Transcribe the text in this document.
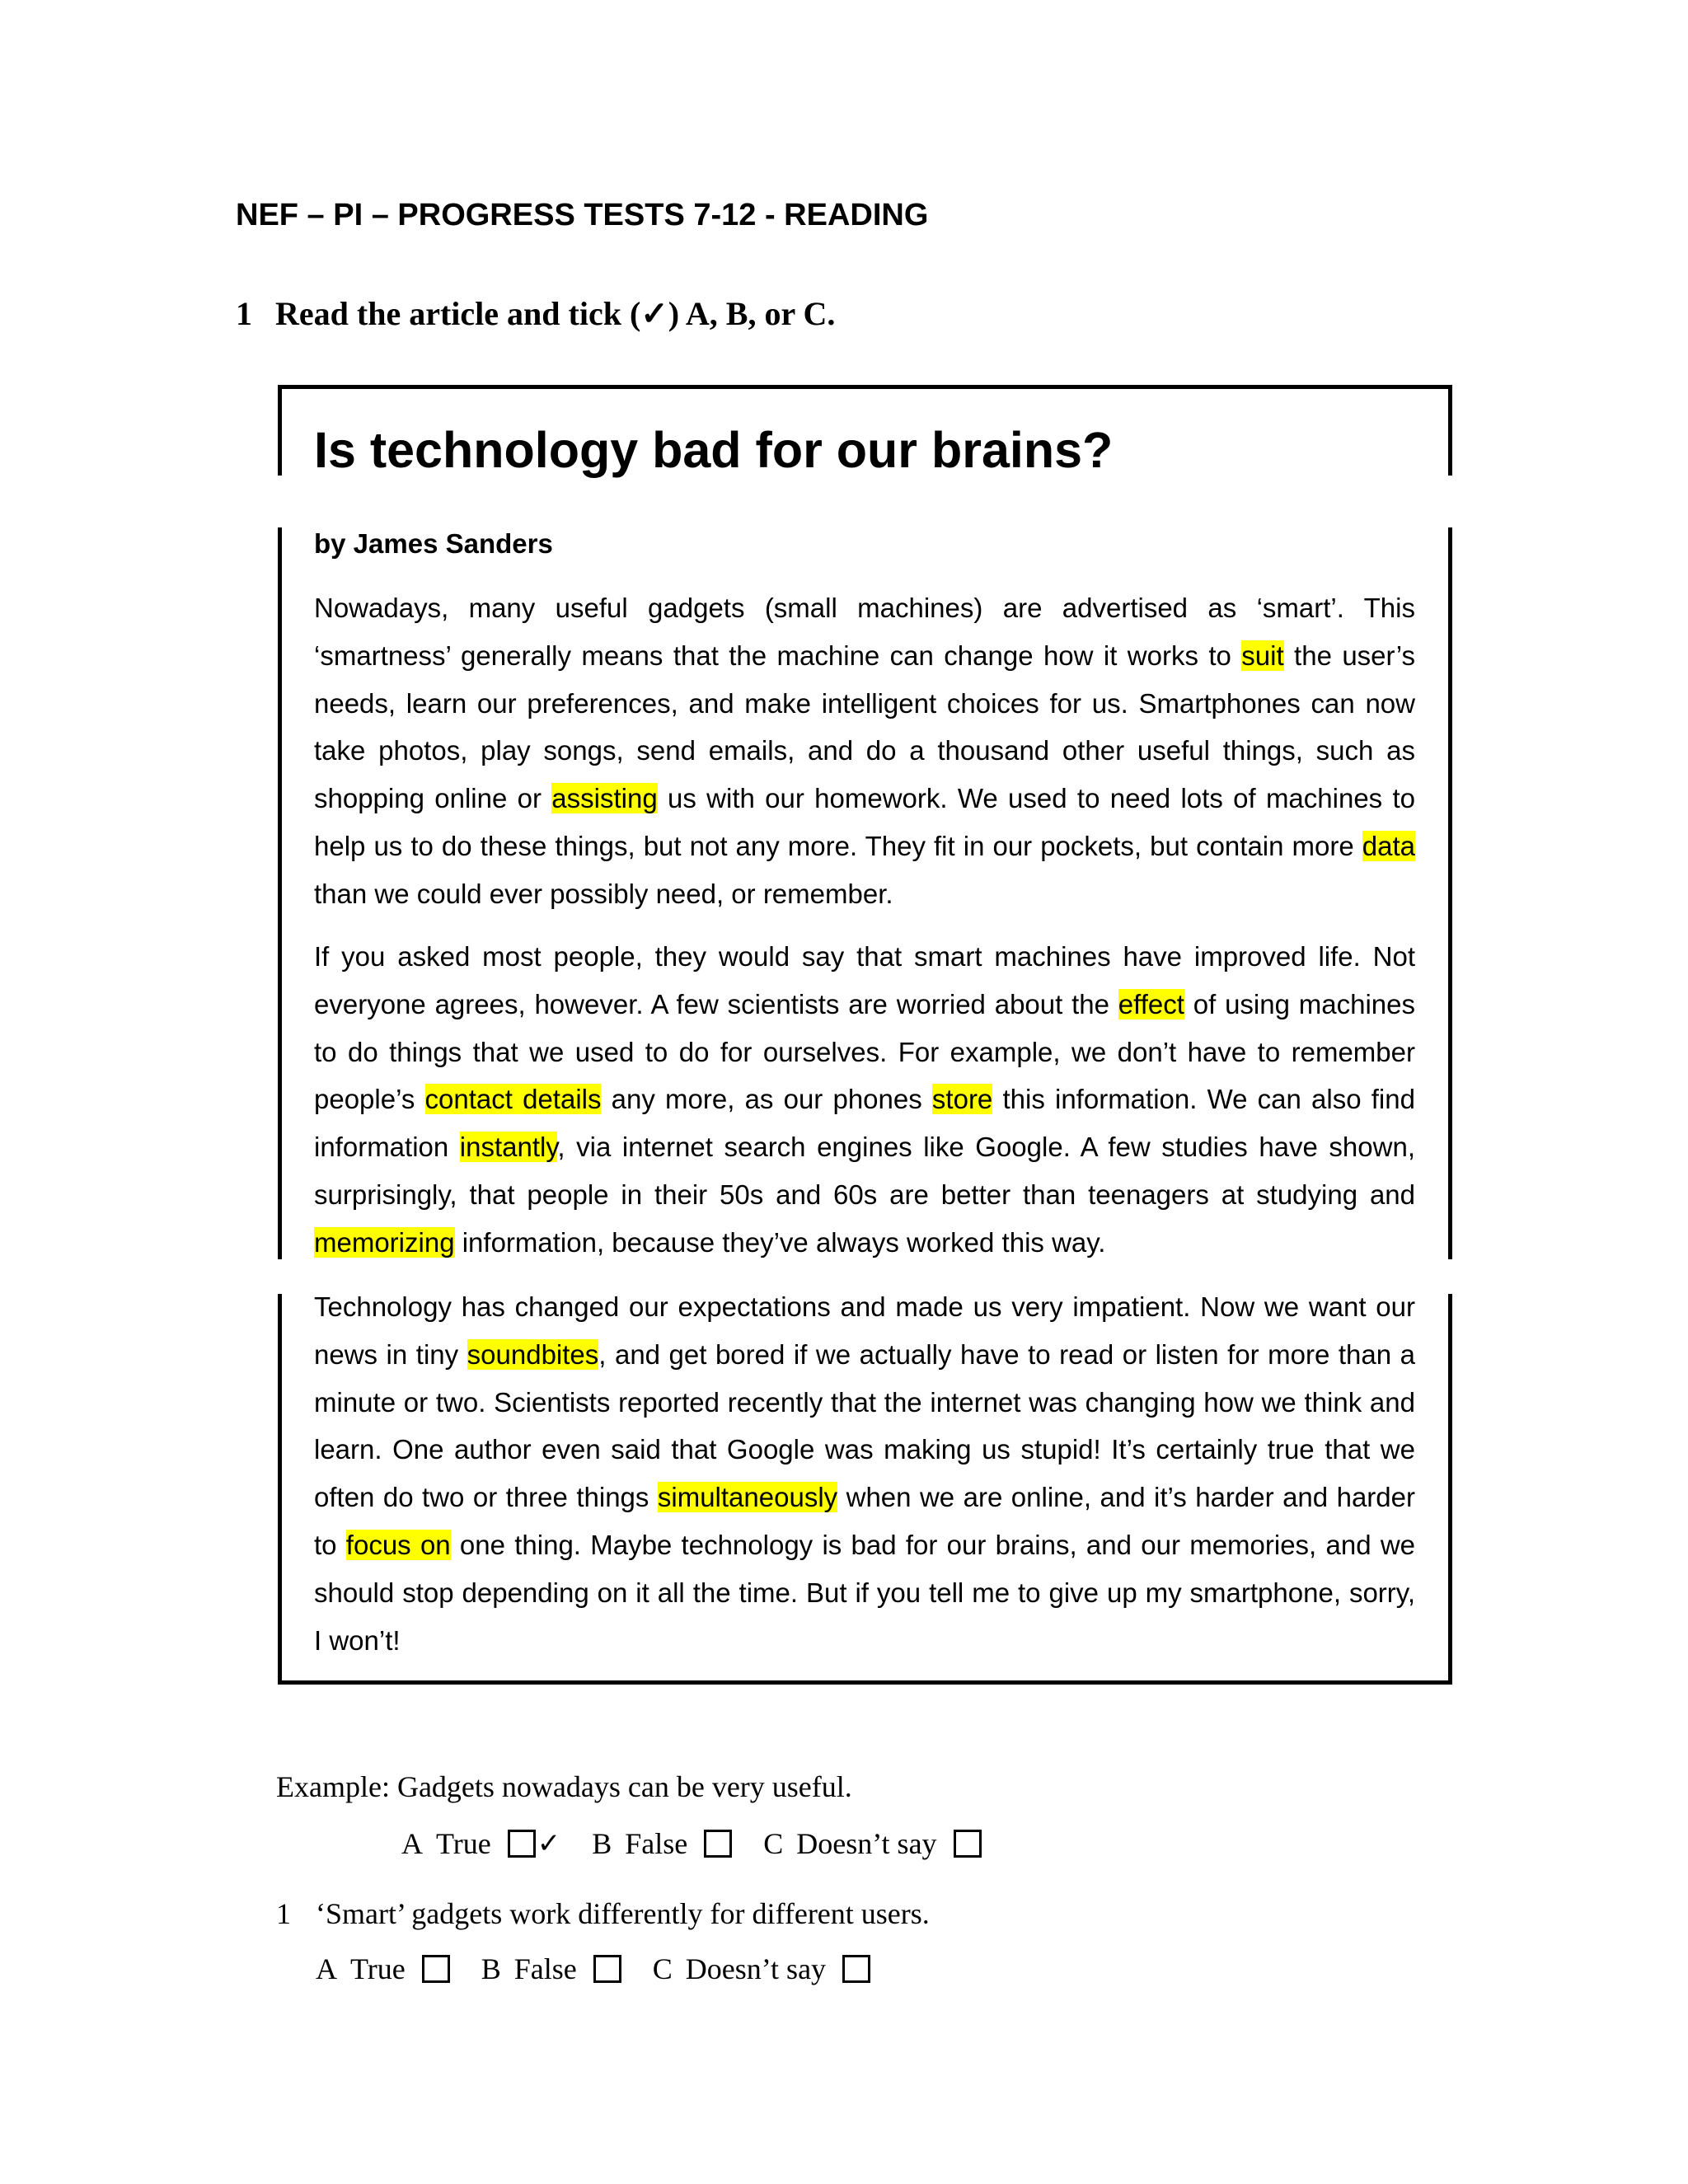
NEF – PI – PROGRESS TESTS 7-12 - READING

1 Read the article and tick (✓) A, B, or C.

Is technology bad for our brains?

by James Sanders

Nowadays, many useful gadgets (small machines) are advertised as ‘smart’. This ‘smartness’ generally means that the machine can change how it works to suit the user’s needs, learn our preferences, and make intelligent choices for us. Smartphones can now take photos, play songs, send emails, and do a thousand other useful things, such as shopping online or assisting us with our homework. We used to need lots of machines to help us to do these things, but not any more. They fit in our pockets, but contain more data than we could ever possibly need, or remember.

If you asked most people, they would say that smart machines have improved life. Not everyone agrees, however. A few scientists are worried about the effect of using machines to do things that we used to do for ourselves. For example, we don’t have to remember people’s contact details any more, as our phones store this information. We can also find information instantly, via internet search engines like Google. A few studies have shown, surprisingly, that people in their 50s and 60s are better than teenagers at studying and memorizing information, because they’ve always worked this way.

Technology has changed our expectations and made us very impatient. Now we want our news in tiny soundbites, and get bored if we actually have to read or listen for more than a minute or two. Scientists reported recently that the internet was changing how we think and learn. One author even said that Google was making us stupid! It’s certainly true that we often do two or three things simultaneously when we are online, and it’s harder and harder to focus on one thing. Maybe technology is bad for our brains, and our memories, and we should stop depending on it all the time. But if you tell me to give up my smartphone, sorry, I won’t!

Example: Gadgets nowadays can be very useful.

A True ✓ B False	C Doesn’t say

1 ‘Smart’ gadgets work differently for different users.

A True	B False	C Doesn’t say
